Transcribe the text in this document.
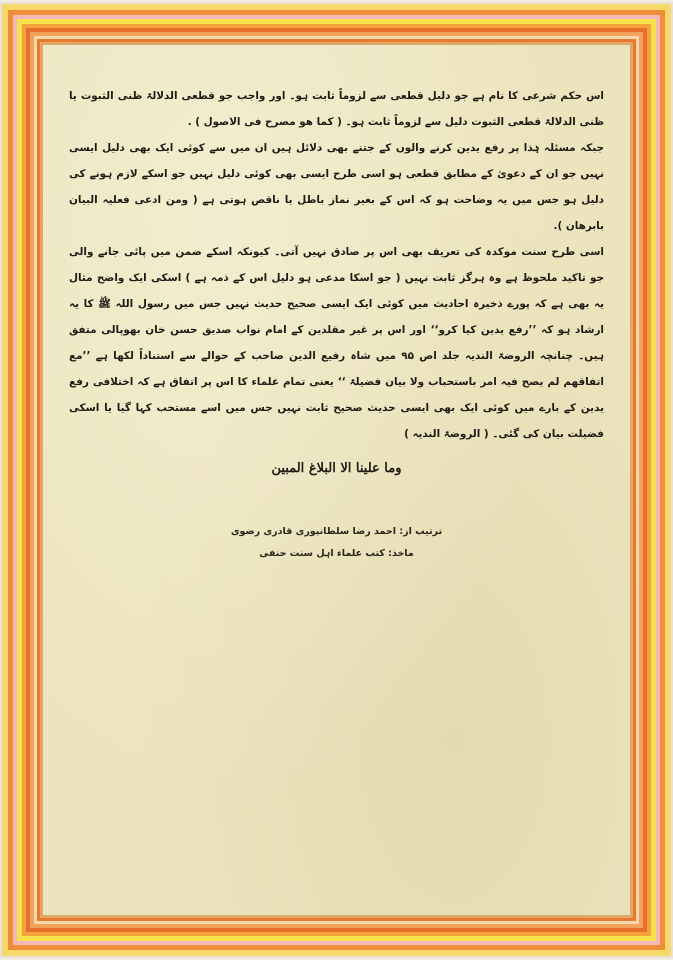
اس حکم شرعی کا نام ہے جو دلیل قطعی سے لزوماً ثابت ہو۔ اور واجب جو قطعی الدلالۃ ظنی الثبوت یا ظنی الدلالۃ قطعی الثبوت دلیل سے لزوماً ثابت ہو۔ ( کما ھو مصرح فی الاصول ) .

جبکہ مسئلہ ہٰذا پر رفع یدین کرنے والوں کے جتنے بھی دلائل ہیں ان میں سے کوئی ایک بھی دلیل ایسی نہیں جو ان کے دعویٰ کے مطابق قطعی ہو اسی طرح ایسی بھی کوئی دلیل نہیں جو اسکے لازم ہونے کی دلیل ہو جس میں یہ وضاحت ہو کہ اس کے بغیر نماز باطل یا ناقص ہوتی ہے ( ومن ادعی فعلیہ البیان بابرھان ).

اسی طرح سنت موکدہ کی تعریف بھی اس پر صادق نہیں آتی۔ کیونکہ اسکے ضمن میں پائی جانے والی جو تاکید ملحوظ ہے وہ ہرگز ثابت نہیں ( جو اسکا مدعی ہو دلیل اس کے ذمہ ہے ) اسکی ایک واضح مثال یہ بھی ہے کہ پورے ذخیرہ احادیث میں کوئی ایک ایسی صحیح حدیث نہیں جس میں رسول اللہ ﷺ کا یہ ارشاد ہو کہ ’’رفع یدین کیا کرو‘‘ اور اس پر غیر مقلدین کے امام نواب صدیق حسن خان بھوپالی متفق ہیں۔ چنانچہ الروضۃ الندیہ جلد اص ۹۵ میں شاہ رفیع الدین صاحب کے حوالے سے استناداً لکھا ہے ’’مع اتفاقھم لم یصح فیہ امر باستحباب ولا بیان فضیلۃ ‘‘ یعنی تمام علماء کا اس پر اتفاق ہے کہ اختلافی رفع یدین کے بارے میں کوئی ایک بھی ایسی حدیث صحیح ثابت نہیں جس میں اسے مستحب کہا گیا یا اسکی فضیلت بیان کی گئی۔ ( الروضۃ الندیہ )

وما علینا الا البلاغ المبین
ترتیب از: احمد رضا سلطانپوری قادری رضوی
ماخذ: کتب علماء اہل سنت حنفی
